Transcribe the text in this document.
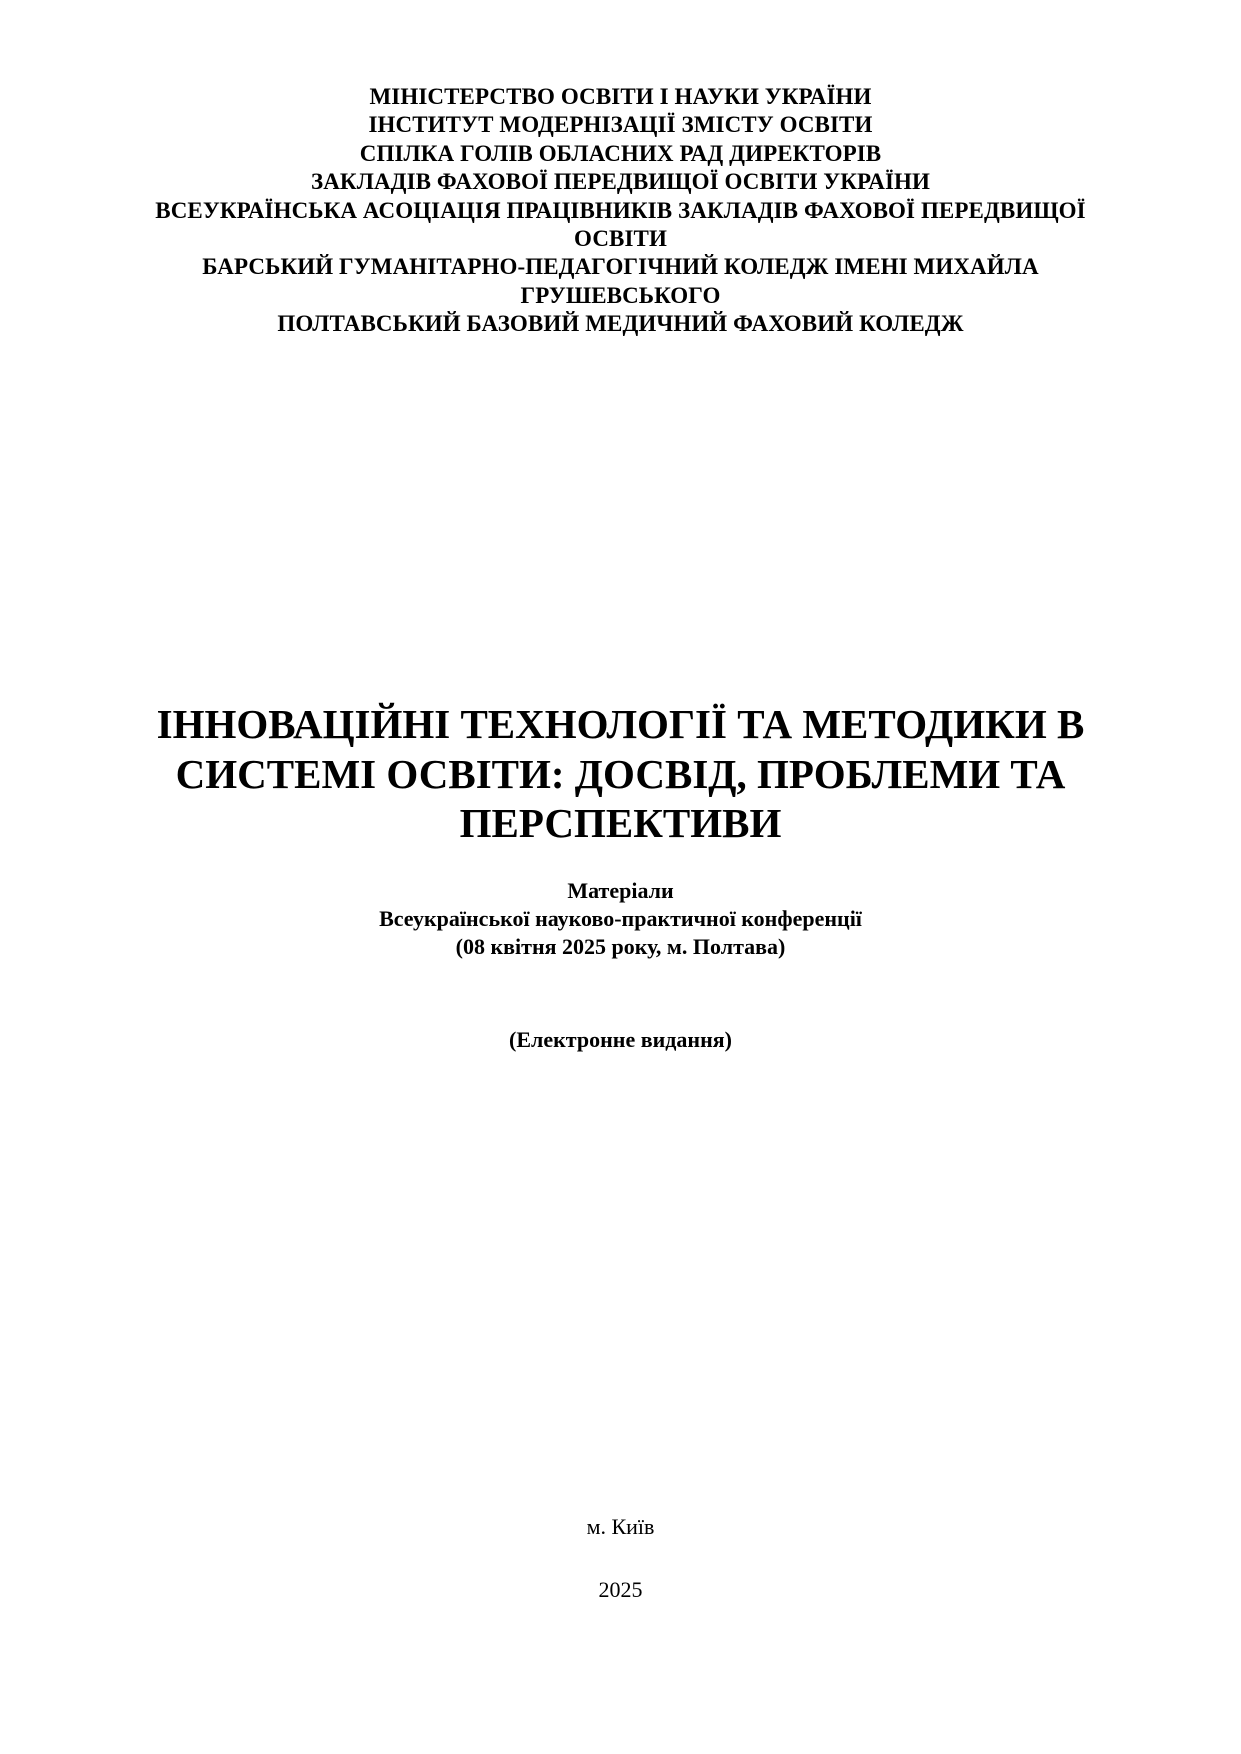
МІНІСТЕРСТВО ОСВІТИ І НАУКИ УКРАЇНИ
ІНСТИТУТ МОДЕРНІЗАЦІЇ ЗМІСТУ ОСВІТИ
СПІЛКА ГОЛІВ ОБЛАСНИХ РАД ДИРЕКТОРІВ
ЗАКЛАДІВ ФАХОВОЇ ПЕРЕДВИЩОЇ ОСВІТИ УКРАЇНИ
ВСЕУКРАЇНСЬКА АСОЦІАЦІЯ ПРАЦІВНИКІВ ЗАКЛАДІВ ФАХОВОЇ ПЕРЕДВИЩОЇ
ОСВІТИ
БАРСЬКИЙ ГУМАНІТАРНО-ПЕДАГОГІЧНИЙ КОЛЕДЖ ІМЕНІ МИХАЙЛА
ГРУШЕВСЬКОГО
ПОЛТАВСЬКИЙ БАЗОВИЙ МЕДИЧНИЙ ФАХОВИЙ КОЛЕДЖ
ІННОВАЦІЙНІ ТЕХНОЛОГІЇ ТА МЕТОДИКИ В
СИСТЕМІ ОСВІТИ: ДОСВІД, ПРОБЛЕМИ ТА
ПЕРСПЕКТИВИ
Матеріали
Всеукраїнської науково-практичної конференції
(08 квітня 2025 року, м. Полтава)
(Електронне видання)
м. Київ
2025
